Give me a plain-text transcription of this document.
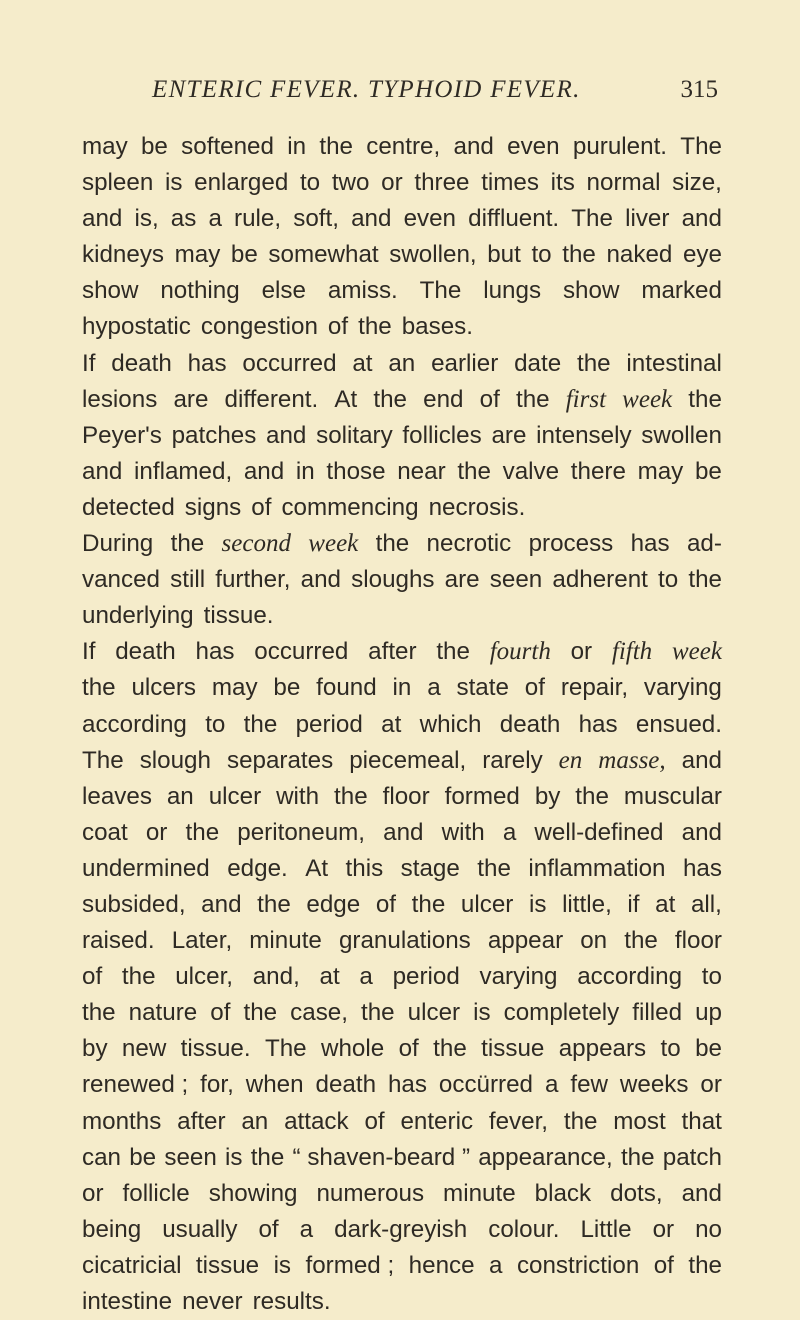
ENTERIC FEVER. TYPHOID FEVER.	315
may be softened in the centre, and even purulent. The
spleen is enlarged to two or three times its normal size,
and is, as a rule, soft, and even diffluent. The liver and
kidneys may be somewhat swollen, but to the naked eye
show nothing else amiss. The lungs show marked
hypostatic congestion of the bases.
If death has occurred at an earlier date the intestinal
lesions are different. At the end of the first week the
Peyer's patches and solitary follicles are intensely swollen
and inflamed, and in those near the valve there may be
detected signs of commencing necrosis.
During the second week the necrotic process has ad-
vanced still further, and sloughs are seen adherent to the
underlying tissue.
If death has occurred after the fourth or fifth week
the ulcers may be found in a state of repair, varying
according to the period at which death has ensued.
The slough separates piecemeal, rarely en masse, and
leaves an ulcer with the floor formed by the muscular
coat or the peritoneum, and with a well-defined and
undermined edge. At this stage the inflammation has
subsided, and the edge of the ulcer is little, if at all,
raised. Later, minute granulations appear on the floor
of the ulcer, and, at a period varying according to
the nature of the case, the ulcer is completely filled up
by new tissue. The whole of the tissue appears to be
renewed ; for, when death has occürred a few weeks or
months after an attack of enteric fever, the most that
can be seen is the “ shaven-beard ” appearance, the patch
or follicle showing numerous minute black dots, and
being usually of a dark-greyish colour. Little or no
cicatricial tissue is formed ; hence a constriction of the
intestine never results.
